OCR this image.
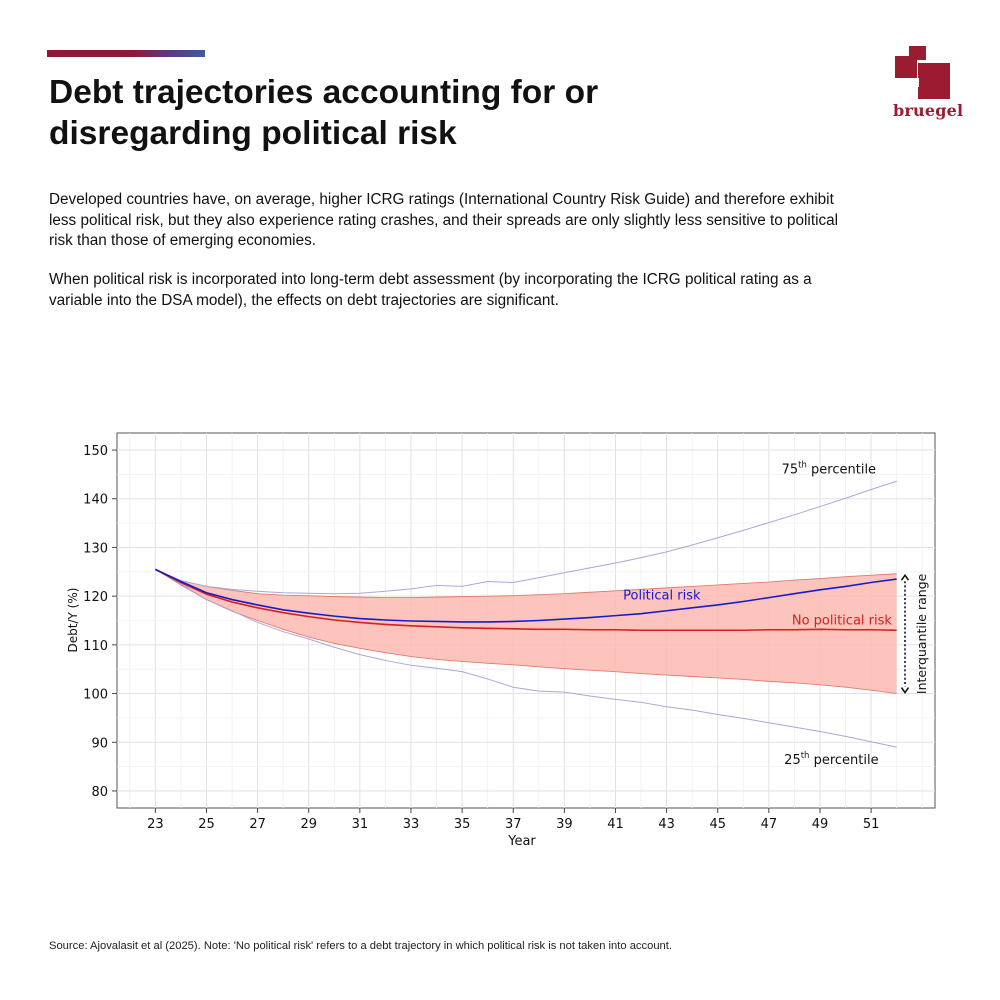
bruegel
Debt trajectories accounting for or disregarding political risk

Developed countries have, on average, higher ICRG ratings (International Country Risk Guide) and therefore exhibit less political risk, but they also experience rating crashes, and their spreads are only slightly less sensitive to political risk than those of emerging economies.

When political risk is incorporated into long-term debt assessment (by incorporating the ICRG political rating as a variable into the DSA model), the effects on debt trajectories are significant.

23	25	27	29	31	33	35	37	39	41	43	45	47	49	51
80
90
100
110
120
130
140
150
Year
Debt/Y (%)	Political risk
No political risk
75th percentile
25th percentile
Interquantile range
Source: Ajovalasit et al (2025). Note: 'No political risk' refers to a debt trajectory in which political risk is not taken into account.
